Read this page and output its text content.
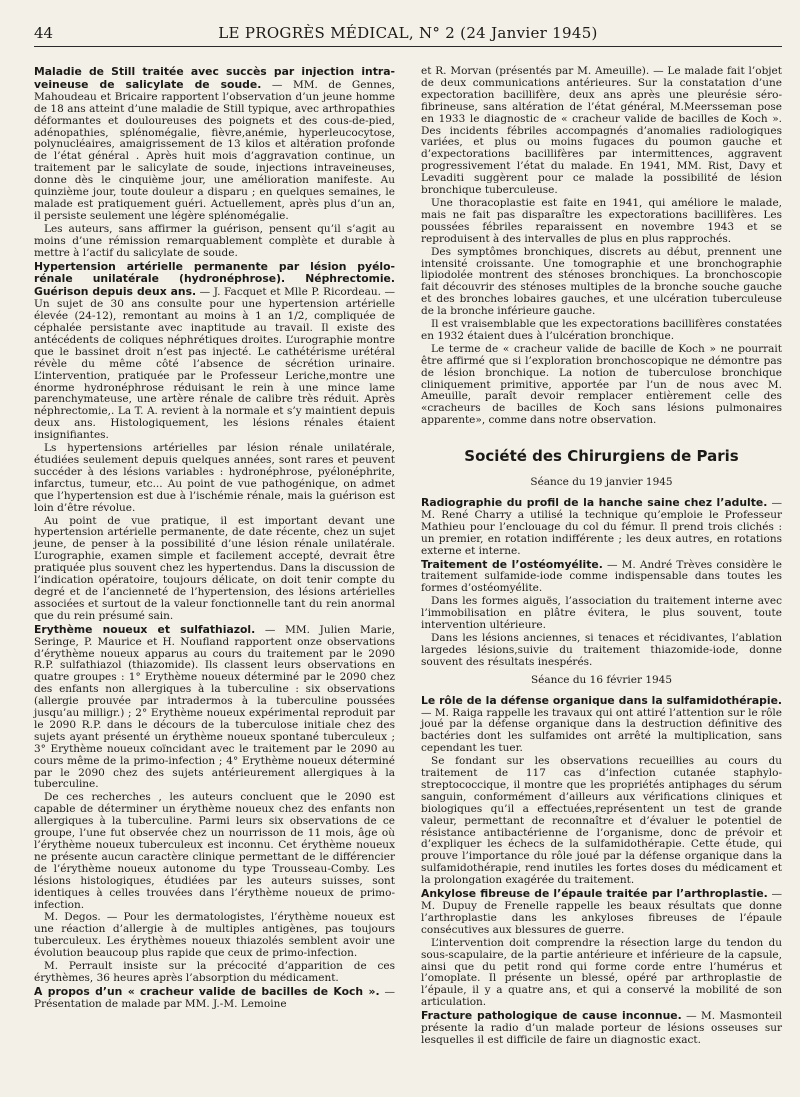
44	LE PROGRÈS MÉDICAL, N° 2 (24 Janvier 1945)

Maladie de Still traitée avec succès par injection intra-veineuse de salicylate de soude. — MM. de Gennes, Mahoudeau et Bricaire rapportent l’observation d’un jeune homme de 18 ans atteint d’une maladie de Still typique, avec arthropathies déformantes et douloureuses des poignets et des cous-de-pied, adénopathies, splénomégalie, fièvre,anémie, hyperleucocytose, polynucléaires, amaigrissement de 13 kilos et altération profonde de l’état général . Après huit mois d’aggravation continue, un traitement par le salicylate de soude, injections intraveineuses, donne dès le cinquième jour, une amélioration manifeste. Au quinzième jour, toute douleur a disparu ; en quelques semaines, le malade est pratiquement guéri. Actuellement, après plus d’un an, il persiste seulement une légère splénomégalie.

Les auteurs, sans affirmer la guérison, pensent qu’il s’agit au moins d’une rémission remarquablement complète et durable à mettre à l’actif du salicylate de soude.

Hypertension artérielle permanente par lésion pyélo-rénale unilatérale (hydronéphrose). Néphrectomie. Guérison depuis deux ans. — J. Facquet et Mlle P. Ricordeau. — Un sujet de 30 ans consulte pour une hypertension artérielle élevée (24-12), remontant au moins à 1 an 1/2, compliquée de céphalée persistante avec inaptitude au travail. Il existe des antécédents de coliques néphrétiques droites. L’urographie montre que le bassinet droit n’est pas injecté. Le cathétérisme urétéral révèle du même côté l’absence de sécrétion urinaire. L’intervention, pratiquée par le Professeur Leriche,montre une énorme hydronéphrose réduisant le rein à une mince lame parenchymateuse, une artère rénale de calibre très réduit. Après néphrectomie,. La T. A. revient à la normale et s’y maintient depuis deux ans. Histologiquement, les lésions rénales étaient insignifiantes.

Ls hypertensions artérielles par lésion rénale unilatérale, étudiées seulement depuis quelques années, sont rares et peuvent succéder à des lésions variables : hydronéphrose, pyélonéphrite, infarctus, tumeur, etc... Au point de vue pathogénique, on admet que l’hypertension est due à l’ischémie rénale, mais la guérison est loin d’être révolue.

Au point de vue pratique, il est important devant une hypertension artérielle permanente, de date récente, chez un sujet jeune, de penser à la possibilité d’une lésion rénale unilatérale. L’urographie, examen simple et facilement accepté, devrait être pratiquée plus souvent chez les hypertendus. Dans la discussion de l’indication opératoire, toujours délicate, on doit tenir compte du degré et de l’ancienneté de l’hypertension, des lésions artérielles associées et surtout de la valeur fonctionnelle tant du rein anormal que du rein présumé sain.

Erythème noueux et sulfathiazol. — MM. Julien Marie, Seringe, P. Maurice et H. Noufland rapportent onze observations d’érythème noueux apparus au cours du traitement par le 2090 R.P. sulfathiazol (thiazomide). Ils classent leurs observations en quatre groupes : 1° Erythème noueux déterminé par le 2090 chez des enfants non allergiques à la tuberculine : six observations (allergie prouvée par intradermos à la tuberculine poussées jusqu’au milligr.) ; 2° Erythème noueux expérimental reproduit par le 2090 R.P. dans le décours de la tuberculose initiale chez des sujets ayant présenté un érythème noueux spontané tuberculeux ; 3° Erythème noueux coïncidant avec le traitement par le 2090 au cours même de la primo-infection ; 4° Erythème noueux déterminé par le 2090 chez des sujets antérieurement allergiques à la tuberculine.

De ces recherches , les auteurs concluent que le 2090 est capable de déterminer un érythème noueux chez des enfants non allergiques à la tuberculine. Parmi leurs six observations de ce groupe, l’une fut observée chez un nourrisson de 11 mois, âge où l’érythème noueux tuberculeux est inconnu. Cet érythème noueux ne présente aucun caractère clinique permettant de le différencier de l’érythème noueux autonome du type Trousseau-Comby. Les lésions histologiques, étudiées par les auteurs suisses, sont identiques à celles trouvées dans l’érythème noueux de primo-infection.

M. Degos. — Pour les dermatologistes, l’érythème noueux est une réaction d’allergie à de multiples antigènes, pas toujours tuberculeux. Les érythèmes noueux thiazolés semblent avoir une évolution beaucoup plus rapide que ceux de primo-infection.

M. Perrault insiste sur la précocité d’apparition de ces érythèmes, 36 heures après l’absorption du médicament.

A propos d’un « cracheur valide de bacilles de Koch ». — Présentation de malade par MM. J.-M. Lemoine

et R. Morvan (présentés par M. Ameuille). — Le malade fait l’objet de deux communications antérieures. Sur la constatation d’une expectoration bacillifère, deux ans après une pleurésie séro-fibrineuse, sans altération de l’état général, M.Meersseman pose en 1933 le diagnostic de « cracheur valide de bacilles de Koch ». Des incidents fébriles accompagnés d’anomalies radiologiques variées, et plus ou moins fugaces du poumon gauche et d’expectorations bacillifères par intermittences, aggravent progressivement l’état du malade. En 1941, MM. Rist, Davy et Levaditi suggèrent pour ce malade la possibilité de lésion bronchique tuberculeuse.

Une thoracoplastie est faite en 1941, qui améliore le malade, mais ne fait pas disparaître les expectorations bacillifères. Les poussées fébriles reparaissent en novembre 1943 et se reproduisent à des intervalles de plus en plus rapprochés.

Des symptômes bronchiques, discrets au début, prennent une intensité croissante. Une tomographie et une bronchographie lipiodolée montrent des sténoses bronchiques. La bronchoscopie fait découvrir des sténoses multiples de la bronche souche gauche et des bronches lobaires gauches, et une ulcération tuberculeuse de la bronche inférieure gauche.

Il est vraisemblable que les expectorations bacillifères constatées en 1932 étaient dues à l’ulcération bronchique.

Le terme de « cracheur valide de bacille de Koch » ne pourrait être affirmé que si l’exploration bronchoscopique ne démontre pas de lésion bronchique. La notion de tuberculose bronchique cliniquement primitive, apportée par l’un de nous avec M. Ameuille, paraît devoir remplacer entièrement celle des «cracheurs de bacilles de Koch sans lésions pulmonaires apparente», comme dans notre observation.

Société des Chirurgiens de Paris
Séance du 19 janvier 1945

Radiographie du profil de la hanche saine chez l’adulte. — M. René Charry a utilisé la technique qu’emploie le Professeur Mathieu pour l’enclouage du col du fémur. Il prend trois clichés : un premier, en rotation indifférente ; les deux autres, en rotations externe et interne.

Traitement de l’ostéomyélite. — M. André Trèves considère le traitement sulfamide-iode comme indispensable dans toutes les formes d’ostéomyélite.

Dans les formes aiguës, l’association du traitement interne avec l’immobilisation en plâtre évitera, le plus souvent, toute intervention ultérieure.

Dans les lésions anciennes, si tenaces et récidivantes, l’ablation largedes lésions,suivie du traitement thiazomide-iode, donne souvent des résultats inespérés.

Séance du 16 février 1945

Le rôle de la défense organique dans la sulfamidothérapie. — M. Raiga rappelle les travaux qui ont attiré l’attention sur le rôle joué par la défense organique dans la destruction définitive des bactéries dont les sulfamides ont arrêté la multiplication, sans cependant les tuer.

Se fondant sur les observations recueillies au cours du traitement de 117 cas d’infection cutanée staphylo-streptococcique, il montre que les propriétés antiphages du sérum sanguin, conformément d’ailleurs aux vérifications cliniques et biologiques qu’il a effectuées,représentent un test de grande valeur, permettant de reconnaître et d’évaluer le potentiel de résistance antibactérienne de l’organisme, donc de prévoir et d’expliquer les échecs de la sulfamidothérapie. Cette étude, qui prouve l’importance du rôle joué par la défense organique dans la sulfamidothérapie, rend inutiles les fortes doses du médicament et la prolongation exagérée du traitement.

Ankylose fibreuse de l’épaule traitée par l’arthroplastie. — M. Dupuy de Frenelle rappelle les beaux résultats que donne l’arthroplastie dans les ankyloses fibreuses de l’épaule consécutives aux blessures de guerre.

L’intervention doit comprendre la résection large du tendon du sous-scapulaire, de la partie antérieure et inférieure de la capsule, ainsi que du petit rond qui forme corde entre l’humérus et l’omoplate. Il présente un blessé, opéré par arthroplastie de l’épaule, il y a quatre ans, et qui a conservé la mobilité de son articulation.

Fracture pathologique de cause inconnue. — M. Masmonteil présente la radio d’un malade porteur de lésions osseuses sur lesquelles il est difficile de faire un diagnostic exact.
